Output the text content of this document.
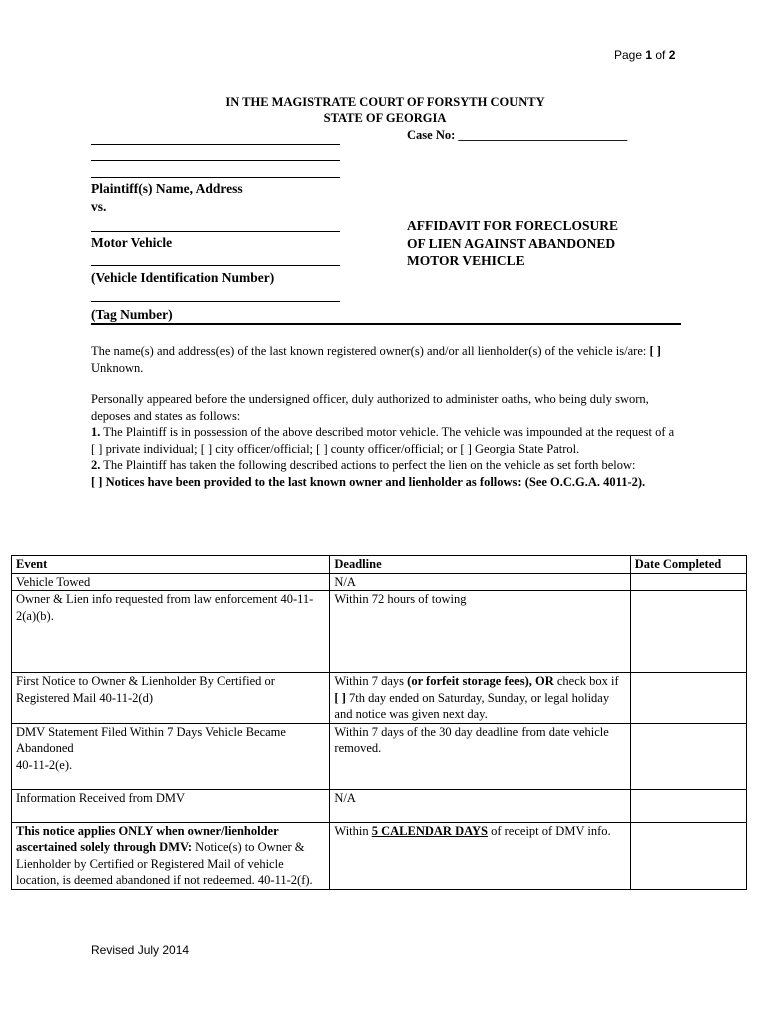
Page 1 of 2
IN THE MAGISTRATE COURT OF FORSYTH COUNTY
STATE OF GEORGIA
Case No: ___________________________
Plaintiff(s) Name, Address
vs.
Motor Vehicle
(Vehicle Identification Number)
(Tag Number)
AFFIDAVIT FOR FORECLOSURE
OF LIEN AGAINST ABANDONED
MOTOR VEHICLE
The name(s) and address(es) of the last known registered owner(s) and/or all lienholder(s) of the vehicle is/are: [ ] Unknown.
Personally appeared before the undersigned officer, duly authorized to administer oaths, who being duly sworn, deposes and states as follows:
1. The Plaintiff is in possession of the above described motor vehicle. The vehicle was impounded at the request of a [ ] private individual; [ ] city officer/official; [ ] county officer/official; or [ ] Georgia State Patrol.
2. The Plaintiff has taken the following described actions to perfect the lien on the vehicle as set forth below:
[ ] Notices have been provided to the last known owner and lienholder as follows: (See O.C.G.A. 4011-2).
Event	Deadline	Date Completed
Vehicle Towed	N/A	
Owner & Lien info requested from law enforcement 40-11-2(a)(b).	Within 72 hours of towing	
First Notice to Owner & Lienholder By Certified or Registered Mail 40-11-2(d)	Within 7 days (or forfeit storage fees), OR check box if [ ] 7th day ended on Saturday, Sunday, or legal holiday and notice was given next day.	

DMV Statement Filed Within 7 Days Vehicle Became Abandoned
40-11-2(e).	Within 7 days of the 30 day deadline from date vehicle removed.	
Information Received from DMV	N/A	
This notice applies ONLY when owner/lienholder ascertained solely through DMV: Notice(s) to Owner & Lienholder by Certified or Registered Mail of vehicle location, is deemed abandoned if not redeemed. 40-11-2(f).	Within 5 CALENDAR DAYS of receipt of DMV info.	
Revised July 2014
